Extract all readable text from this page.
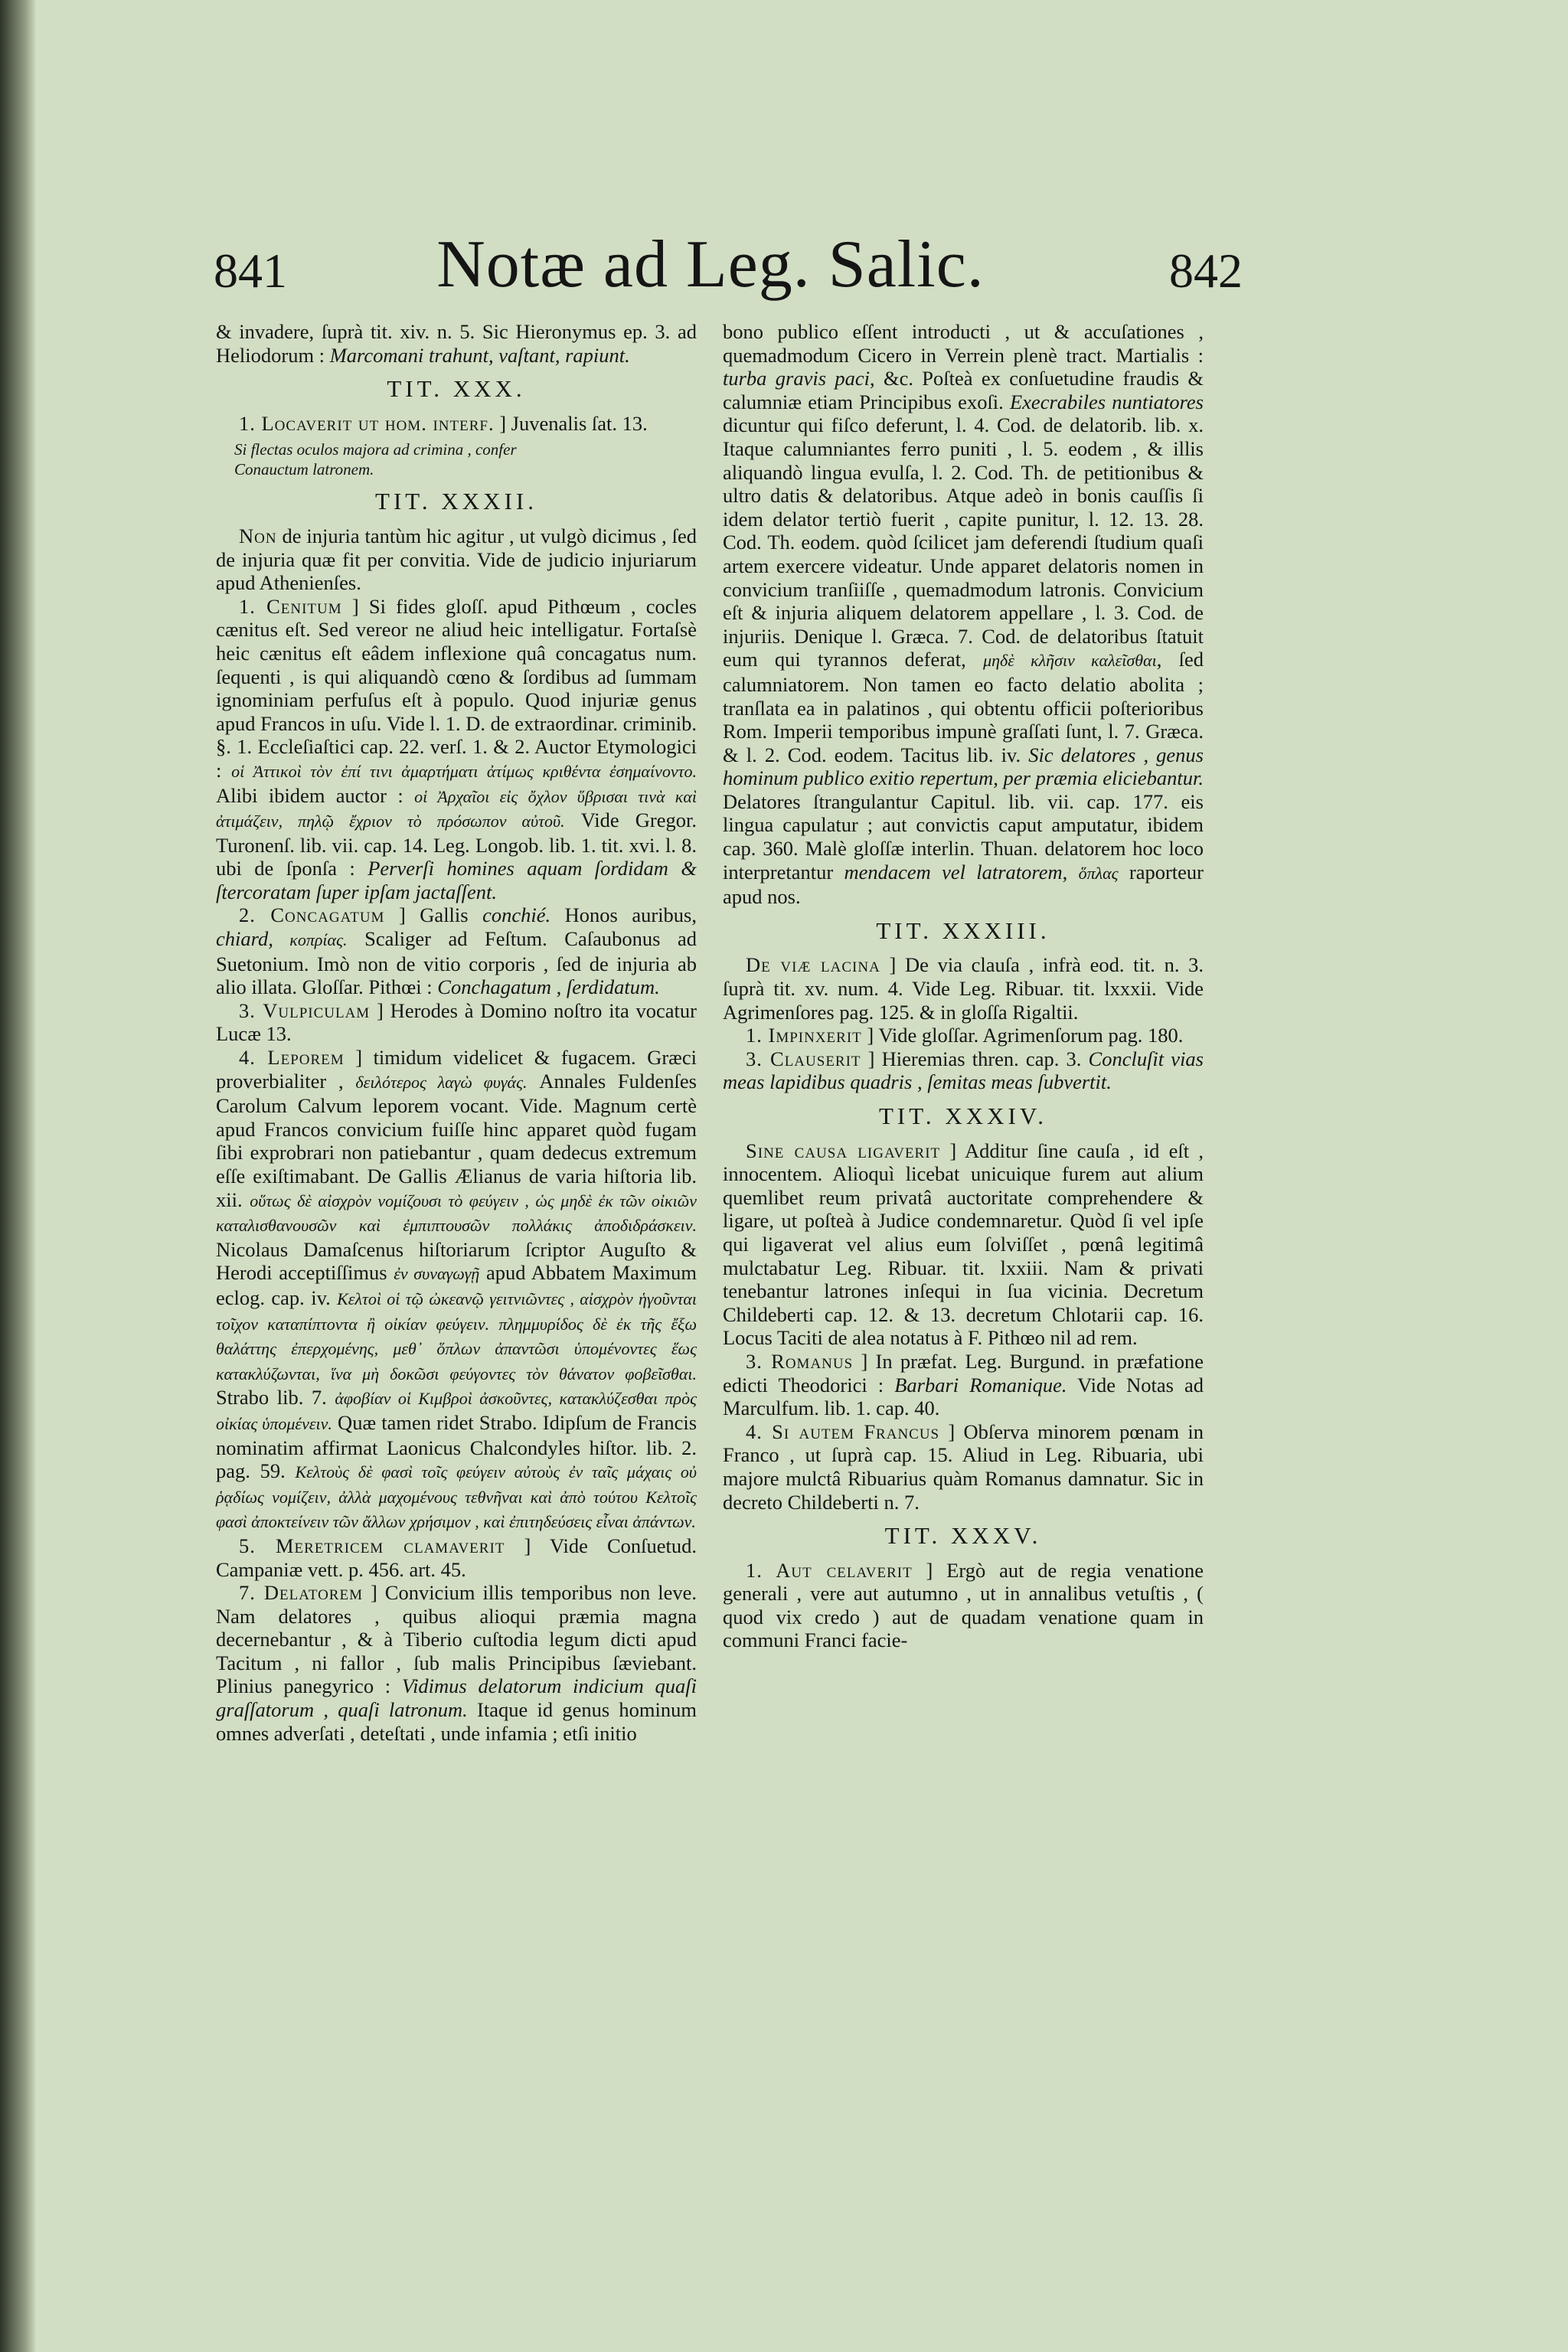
841	Notæ ad Leg. Salic.	842

& invadere, ſuprà tit. xiv. n. 5. Sic Hieronymus ep. 3. ad Heliodorum : Marcomani trahunt, vaſtant, rapiunt.

TIT. XXX.

1. Locaverit ut hom. interf. ] Juvenalis ſat. 13.

Si flectas oculos majora ad crimina , confer
Conauctum latronem.
TIT. XXXII.

Non de injuria tantùm hic agitur , ut vulgò dicimus , ſed de injuria quæ fit per convitia. Vide de judicio injuriarum apud Athenienſes.

1. Cenitum ] Si fides gloſſ. apud Pithœum , cocles cænitus eſt. Sed vereor ne aliud heic intelligatur. Fortaſsè heic cænitus eſt eâdem inflexione quâ concagatus num. ſequenti , is qui aliquandò cœno & ſordibus ad ſummam ignominiam perfuſus eſt à populo. Quod injuriæ genus apud Francos in uſu. Vide l. 1. D. de extraordinar. criminib. §. 1. Eccleſiaſtici cap. 22. verſ. 1. & 2. Auctor Etymologici : οἱ Ἀττικοὶ τὸν ἐπί τινι ἀμαρτήματι ἀτίμως κριθέντα ἐσημαίνοντο. Alibi ibidem auctor : οἱ Ἀρχαῖοι εἰς ὄχλον ὕβρισαι τινὰ καὶ ἀτιμάζειν, πηλῷ ἔχριον τὸ πρόσωπον αὐτοῦ. Vide Gregor. Turonenſ. lib. vii. cap. 14. Leg. Longob. lib. 1. tit. xvi. l. 8. ubi de ſponſa : Perverſi homines aquam ſordidam & ſtercoratam ſuper ipſam jactaſſent.

2. Concagatum ] Gallis conchié. Honos auribus, chiard, κοπρίας. Scaliger ad Feſtum. Caſaubonus ad Suetonium. Imò non de vitio corporis , ſed de injuria ab alio illata. Gloſſar. Pithœi : Conchagatum , ſerdidatum.

3. Vulpiculam ] Herodes à Domino noſtro ita vocatur Lucæ 13.

4. Leporem ] timidum videlicet & fugacem. Græci proverbialiter , δειλότερος λαγὼ φυγάς. Annales Fuldenſes Carolum Calvum leporem vocant. Vide. Magnum certè apud Francos convicium fuiſſe hinc apparet quòd fugam ſibi exprobrari non patiebantur , quam dedecus extremum eſſe exiſtimabant. De Gallis Ælianus de varia hiſtoria lib. xii. οὕτως δὲ αἰσχρὸν νομίζουσι τὸ φεύγειν , ὡς μηδὲ ἐκ τῶν οἰκιῶν καταλισθανουσῶν καὶ ἐμπιπτουσῶν πολλάκις ἀποδιδράσκειν. Nicolaus Damaſcenus hiſtoriarum ſcriptor Auguſto & Herodi acceptiſſimus ἐν συναγωγῇ apud Abbatem Maximum eclog. cap. iv. Κελτοὶ οἱ τῷ ὠκεανῷ γειτνιῶντες , αἰσχρὸν ἡγοῦνται τοῖχον καταπίπτοντα ἢ οἰκίαν φεύγειν. πλημμυρίδος δὲ ἐκ τῆς ἔξω θαλάττης ἐπερχομένης, μεθ᾽ ὅπλων ἀπαντῶσι ὑπομένοντες ἕως κατακλύζωνται, ἵνα μὴ δοκῶσι φεύγοντες τὸν θάνατον φοβεῖσθαι. Strabo lib. 7. ἀφοβίαν οἱ Κιμβροὶ ἀσκοῦντες, κατακλύζεσθαι πρὸς οἰκίας ὑπομένειν. Quæ tamen ridet Strabo. Idipſum de Francis nominatim affirmat Laonicus Chalcondyles hiſtor. lib. 2. pag. 59. Κελτοὺς δὲ φασὶ τοῖς φεύγειν αὐτοὺς ἐν ταῖς μάχαις οὐ ῥᾳδίως νομίζειν, ἀλλὰ μαχομένους τεθνῆναι καὶ ἀπὸ τούτου Κελτοῖς φασὶ ἀποκτείνειν τῶν ἄλλων χρήσιμον , καὶ ἐπιτηδεύσεις εἶναι ἀπάντων.

5. Meretricem clamaverit ] Vide Conſuetud. Campaniæ vett. p. 456. art. 45.

7. Delatorem ] Convicium illis temporibus non leve. Nam delatores , quibus alioqui præmia magna decernebantur , & à Tiberio cuſtodia legum dicti apud Tacitum , ni fallor , ſub malis Principibus ſæviebant. Plinius panegyrico : Vidimus delatorum indicium quaſi graſſatorum , quaſi latronum. Itaque id genus hominum omnes adverſati , deteſtati , unde infamia ; etſi initio

bono publico eſſent introducti , ut & accuſationes , quemadmodum Cicero in Verrein plenè tract. Martialis : turba gravis paci, &c. Poſteà ex conſuetudine fraudis & calumniæ etiam Principibus exoſi. Execrabiles nuntiatores dicuntur qui fiſco deferunt, l. 4. Cod. de delatorib. lib. x. Itaque calumniantes ferro puniti , l. 5. eodem , & illis aliquandò lingua evulſa, l. 2. Cod. Th. de petitionibus & ultro datis & delatoribus. Atque adeò in bonis cauſſis ſi idem delator tertiò fuerit , capite punitur, l. 12. 13. 28. Cod. Th. eodem. quòd ſcilicet jam deferendi ſtudium quaſi artem exercere videatur. Unde apparet delatoris nomen in convicium tranſiiſſe , quemadmodum latronis. Convicium eſt & injuria aliquem delatorem appellare , l. 3. Cod. de injuriis. Denique l. Græca. 7. Cod. de delatoribus ſtatuit eum qui tyrannos deferat, μηδὲ κλῆσιν καλεῖσθαι, ſed calumniatorem. Non tamen eo facto delatio abolita ; tranſlata ea in palatinos , qui obtentu officii poſterioribus Rom. Imperii temporibus impunè graſſati ſunt, l. 7. Græca. & l. 2. Cod. eodem. Tacitus lib. iv. Sic delatores , genus hominum publico exitio repertum, per præmia eliciebantur. Delatores ſtrangulantur Capitul. lib. vii. cap. 177. eis lingua capulatur ; aut convictis caput amputatur, ibidem cap. 360. Malè gloſſæ interlin. Thuan. delatorem hoc loco interpretantur mendacem vel latratorem, ὅπλας raporteur apud nos.

TIT. XXXIII.

De viæ lacina ] De via clauſa , infrà eod. tit. n. 3. ſuprà tit. xv. num. 4. Vide Leg. Ribuar. tit. lxxxii. Vide Agrimenſores pag. 125. & in gloſſa Rigaltii.

1. Impinxerit ] Vide gloſſar. Agrimenſorum pag. 180.

3. Clauserit ] Hieremias thren. cap. 3. Concluſit vias meas lapidibus quadris , ſemitas meas ſubvertit.

TIT. XXXIV.

Sine causa ligaverit ] Additur ſine cauſa , id eſt , innocentem. Alioquì licebat unicuique furem aut alium quemlibet reum privatâ auctoritate comprehendere & ligare, ut poſteà à Judice condemnaretur. Quòd ſi vel ipſe qui ligaverat vel alius eum ſolviſſet , pœnâ legitimâ mulctabatur Leg. Ribuar. tit. lxxiii. Nam & privati tenebantur latrones inſequi in ſua vicinia. Decretum Childeberti cap. 12. & 13. decretum Chlotarii cap. 16. Locus Taciti de alea notatus à F. Pithœo nil ad rem.

3. Romanus ] In præfat. Leg. Burgund. in præfatione edicti Theodorici : Barbari Romanique. Vide Notas ad Marculfum. lib. 1. cap. 40.

4. Si autem Francus ] Obſerva minorem pœnam in Franco , ut ſuprà cap. 15. Aliud in Leg. Ribuaria, ubi majore mulctâ Ribuarius quàm Romanus damnatur. Sic in decreto Childeberti n. 7.

TIT. XXXV.

1. Aut celaverit ] Ergò aut de regia venatione generali , vere aut autumno , ut in annalibus vetuſtis , ( quod vix credo ) aut de quadam venatione quam in communi Franci facie-
